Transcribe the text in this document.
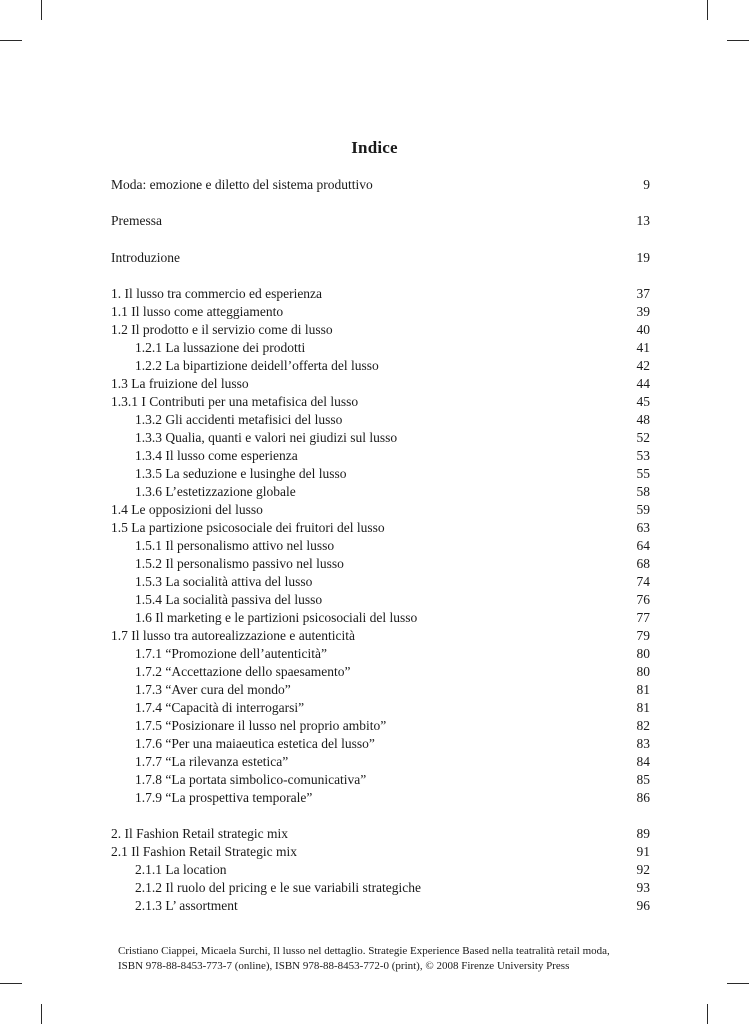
Indice
Moda: emozione e diletto del sistema produttivo	9
Premessa	13
Introduzione	19
1. Il lusso tra commercio ed esperienza	37
1.1 Il lusso come atteggiamento	39
1.2 Il prodotto e il servizio come di lusso	40
1.2.1 La lussazione dei prodotti	41
1.2.2 La bipartizione deidell’offerta del lusso	42
1.3 La fruizione del lusso	44
1.3.1 I Contributi per una metafisica del lusso	45
1.3.2 Gli accidenti metafisici del lusso	48
1.3.3 Qualia, quanti e valori nei giudizi sul lusso	52
1.3.4 Il lusso come esperienza	53
1.3.5 La seduzione e lusinghe del lusso	55
1.3.6 L’estetizzazione globale	58
1.4 Le opposizioni del lusso	59
1.5 La partizione psicosociale dei fruitori del lusso	63
1.5.1 Il personalismo attivo nel lusso	64
1.5.2 Il personalismo passivo nel lusso	68
1.5.3 La socialità attiva del lusso	74
1.5.4 La socialità passiva del lusso	76
1.6 Il marketing e le partizioni psicosociali del lusso	77
1.7 Il lusso tra autorealizzazione e autenticità	79
1.7.1 “Promozione dell’autenticità”	80
1.7.2 “Accettazione dello spaesamento”	80
1.7.3 “Aver cura del mondo”	81
1.7.4 “Capacità di interrogarsi”	81
1.7.5 “Posizionare il lusso nel proprio ambito”	82
1.7.6 “Per una maiaeutica estetica del lusso”	83
1.7.7 “La rilevanza estetica”	84
1.7.8 “La portata simbolico-comunicativa”	85
1.7.9 “La prospettiva temporale”	86
2. Il Fashion Retail strategic mix	89
2.1 Il Fashion Retail Strategic mix	91
2.1.1 La location	92
2.1.2 Il ruolo del pricing e le sue variabili strategiche	93
2.1.3 L’ assortment	96
Cristiano Ciappei, Micaela Surchi, Il lusso nel dettaglio. Strategie Experience Based nella teatralità retail moda,
ISBN 978-88-8453-773-7 (online), ISBN 978-88-8453-772-0 (print), © 2008 Firenze University Press
